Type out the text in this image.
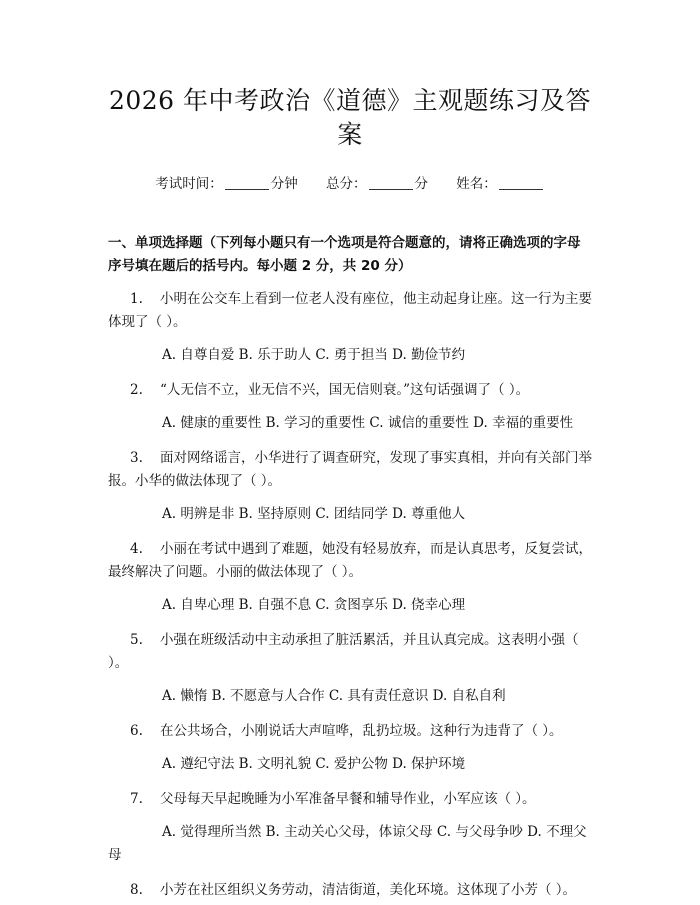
2026 年中考政治《道德》主观题练习及答案
考试时间：	分钟 总分：	分 姓名：
一、单项选择题（下列每小题只有一个选项是符合题意的，请将正确选项的字母序号填在题后的括号内。每小题 2 分，共 20 分）

1. 小明在公交车上看到一位老人没有座位，他主动起身让座。这一行为主要体现了（ ）。

A. 自尊自爱 B. 乐于助人 C. 勇于担当 D. 勤俭节约

2. “人无信不立，业无信不兴，国无信则衰。”这句话强调了（ ）。

A. 健康的重要性 B. 学习的重要性 C. 诚信的重要性 D. 幸福的重要性

3. 面对网络谣言，小华进行了调查研究，发现了事实真相，并向有关部门举报。小华的做法体现了（ ）。

A. 明辨是非 B. 坚持原则 C. 团结同学 D. 尊重他人

4. 小丽在考试中遇到了难题，她没有轻易放弃，而是认真思考，反复尝试，最终解决了问题。小丽的做法体现了（ ）。

A. 自卑心理 B. 自强不息 C. 贪图享乐 D. 侥幸心理

5. 小强在班级活动中主动承担了脏活累活，并且认真完成。这表明小强（ ）。

A. 懒惰 B. 不愿意与人合作 C. 具有责任意识 D. 自私自利

6. 在公共场合，小刚说话大声喧哗，乱扔垃圾。这种行为违背了（ ）。

A. 遵纪守法 B. 文明礼貌 C. 爱护公物 D. 保护环境

7. 父母每天早起晚睡为小军准备早餐和辅导作业，小军应该（ ）。

A. 觉得理所当然 B. 主动关心父母，体谅父母 C. 与父母争吵 D. 不理父母

8. 小芳在社区组织义务劳动，清洁街道，美化环境。这体现了小芳（ ）。
